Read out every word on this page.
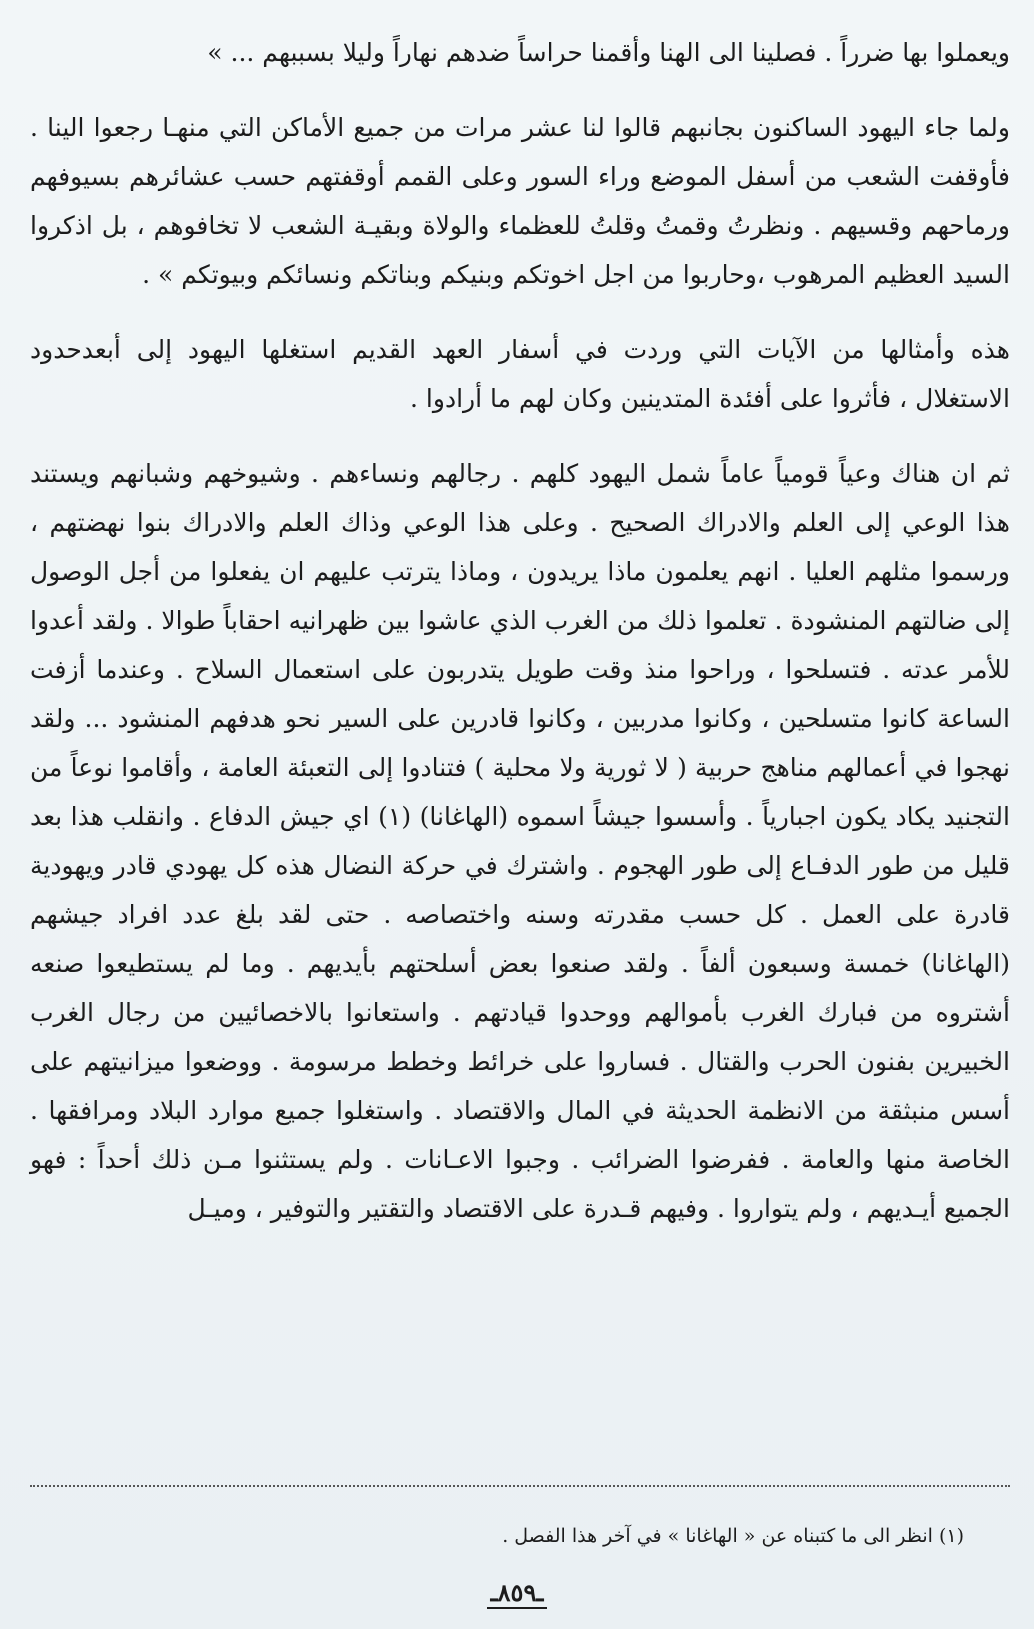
ويعملوا بها ضرراً . فصلينا الى الهنا وأقمنا حراساً ضدهم نهاراً وليلا بسببهم ... »

ولما جاء اليهود الساكنون بجانبهم قالوا لنا عشر مرات من جميع الأماكن التي منهـا رجعوا الينا . فأوقفت الشعب من أسفل الموضع وراء السور وعلى القمم أوقفتهم حسب عشائرهم بسيوفهم ورماحهم وقسيهم . ونظرتُ وقمتُ وقلتُ للعظماء والولاة وبقيـة الشعب لا تخافوهم ، بل اذكروا السيد العظيم المرهوب ،وحاربوا من اجل اخوتكم وبنيكم وبناتكم ونسائكم وبيوتكم » .

هذه وأمثالها من الآيات التي وردت في أسفار العهد القديم استغلها اليهود إلى أبعدحدود الاستغلال ، فأثروا على أفئدة المتدينين وكان لهم ما أرادوا .

ثم ان هناك وعياً قومياً عاماً شمل اليهود كلهم . رجالهم ونساءهم . وشيوخهم وشبانهم ويستند هذا الوعي إلى العلم والادراك الصحيح . وعلى هذا الوعي وذاك العلم والادراك بنوا نهضتهم ، ورسموا مثلهم العليا . انهم يعلمون ماذا يريدون ، وماذا يترتب عليهم ان يفعلوا من أجل الوصول إلى ضالتهم المنشودة . تعلموا ذلك من الغرب الذي عاشوا بين ظهرانيه احقاباً طوالا . ولقد أعدوا للأمر عدته . فتسلحوا ، وراحوا منذ وقت طويل يتدربون على استعمال السلاح . وعندما أزفت الساعة كانوا متسلحين ، وكانوا مدربين ، وكانوا قادرين على السير نحو هدفهم المنشود ... ولقد نهجوا في أعمالهم مناهج حربية ( لا ثورية ولا محلية ) فتنادوا إلى التعبئة العامة ، وأقاموا نوعاً من التجنيد يكاد يكون اجبارياً . وأسسوا جيشاً اسموه (الهاغانا) (١) اي جيش الدفاع . وانقلب هذا بعد قليل من طور الدفـاع إلى طور الهجوم . واشترك في حركة النضال هذه كل يهودي قادر ويهودية قادرة على العمل . كل حسب مقدرته وسنه واختصاصه . حتى لقد بلغ عدد افراد جيشهم (الهاغانا) خمسة وسبعون ألفاً . ولقد صنعوا بعض أسلحتهم بأيديهم . وما لم يستطيعوا صنعه أشتروه من فبارك الغرب بأموالهم ووحدوا قيادتهم . واستعانوا بالاخصائيين من رجال الغرب الخبيرين بفنون الحرب والقتال . فساروا على خرائط وخطط مرسومة . ووضعوا ميزانيتهم على أسس منبثقة من الانظمة الحديثة في المال والاقتصاد . واستغلوا جميع موارد البلاد ومرافقها . الخاصة منها والعامة . ففرضوا الضرائب . وجبوا الاعـانات . ولم يستثنوا مـن ذلك أحداً : فهو الجميع أيـديهم ، ولم يتواروا . وفيهم قـدرة على الاقتصاد والتقتير والتوفير ، وميـل

(١) انظر الى ما كتبناه عن « الهاغانا » في آخر هذا الفصل .

ـ٨٥٩ـ
